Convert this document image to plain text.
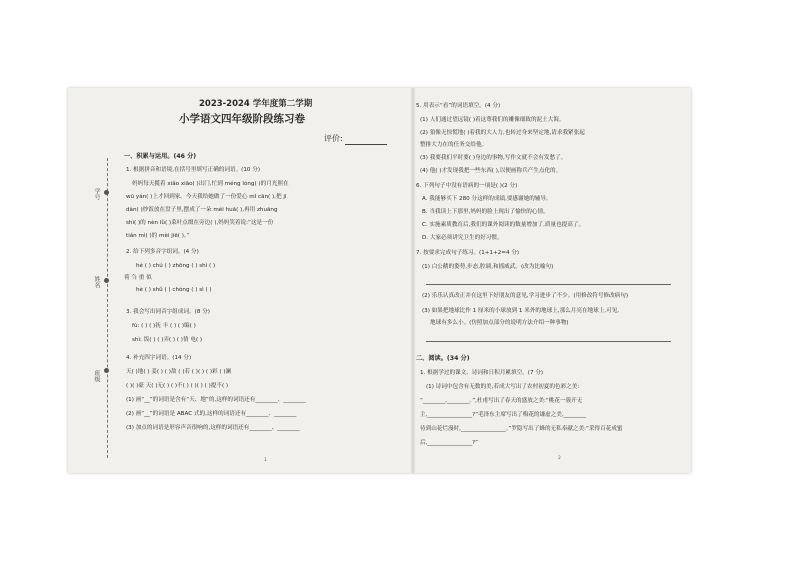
学号
姓名
班级
2023-2024 学年度第二学期
小学语文四年级阶段练习卷
评价:
一、积累与运用。(46 分)
1. 根据拼音和语境,在括号里填写正确的词语。(10 分)
妈妈每天揽着 xiǎo xiāo( )出门,忙到 méng lóng( )的月光照在
wū yán( )上才回到家。今天我给她做了一份爱心 mǐ cān( ),把 jī
dàn( )炒饭放在盘子里,摆成了一朵 méi huā( ),再用 zhuāng
shì( )的 nèn lǜ( )菜叶点缀在旁边( ),妈妈笑着说:“这是一份
tián mì( )的 mèi jiē( )。”
2. 给下列多音字组词。(4 分)
hé ( ) chú ( ) zhōng ( ) shì ( )
荷 刍 重 似
hè ( ) shǔ ( ) chóng ( ) sì ( )
3. 我会写出同音字组成词。(8 分)
fù: ( ) ( )抚 丰 ( ) ( )编( )
shì: 饭( ) ( )弄( ) ( )情 电( )
4. 补充四字词语。(14 分)
天( )地( ) 姜( ) ( )敌 ( )若 ( )( ) ( )彩 ( )澜
( )( )豪 天( )无( ) ( )不( ) ( )( ) ( )提不( )
(1) 画“__”的词语是含有“天、地”的,这样的词语还有________、________
(2) 画“__”的词语是 ABAC 式的,这样的词语还有________、________
(3) 加点的词语是形容声音很响的,这样的词语还有________、________
1
5. 用表示“看”的词语填空。(4 分)
(1) 人们通过望远镜( )着这尊我们的雕像细致的泥土大海。
(2) 狼像无惊慌地( )着我的大人力,也转过身来坚定地,请求我紧张起
整排大力在的任务交给他。
(3) 我要我们平时要( )身边的事物,写作文就不会有发愁了。
(4) 他( )才发现我把一些东西( ),以便画称兵产生点化的。
6. 下列句子中没有语病的一项是( )(2 分)
A. 我能够买下 280 分这样的成绩,要感谢她的辅导。
B. 当我读上下那里,妈妈的脸上现出了愉快的心情。
C. 实施素质教育后,我们的课外阅读的数量增加了,质量也提高了。
D. 大家必须讲究卫生的好习惯。
7. 按要求完成句子练习。(1+1+2=4 分)
(1) 白公鹅的姿势,步态,腔调,和摇威武。(改为比喻句)
(2) 乐乐认真改正并在这里下好朋友的意见,学习进步了不少。(用修改符号修改病句)
(3) 如果把地球比作 1 厘米的小球放到 1 米外的地球上,那么月亮在地球上,可见,
地球有多么小。(仿照加点部分的说明方法介绍一种事物)
二、阅读。(34 分)
1. 根据学过的课文、诗词和日积月累填空。(7 分)
(1) 诗词中包含有无数的美,若成大写出了农村初夏的色彩之美:
“________,________。”,杜甫写出了春天的盛放之美:“桃花一簇开无
主,________________?”毛泽东主席写出了梅花的谦虚之美,________
待到山花烂漫时,________________。”罗隐写出了蜂的无私奉献之美:“采得百花成蜜
后,________________?”
2
